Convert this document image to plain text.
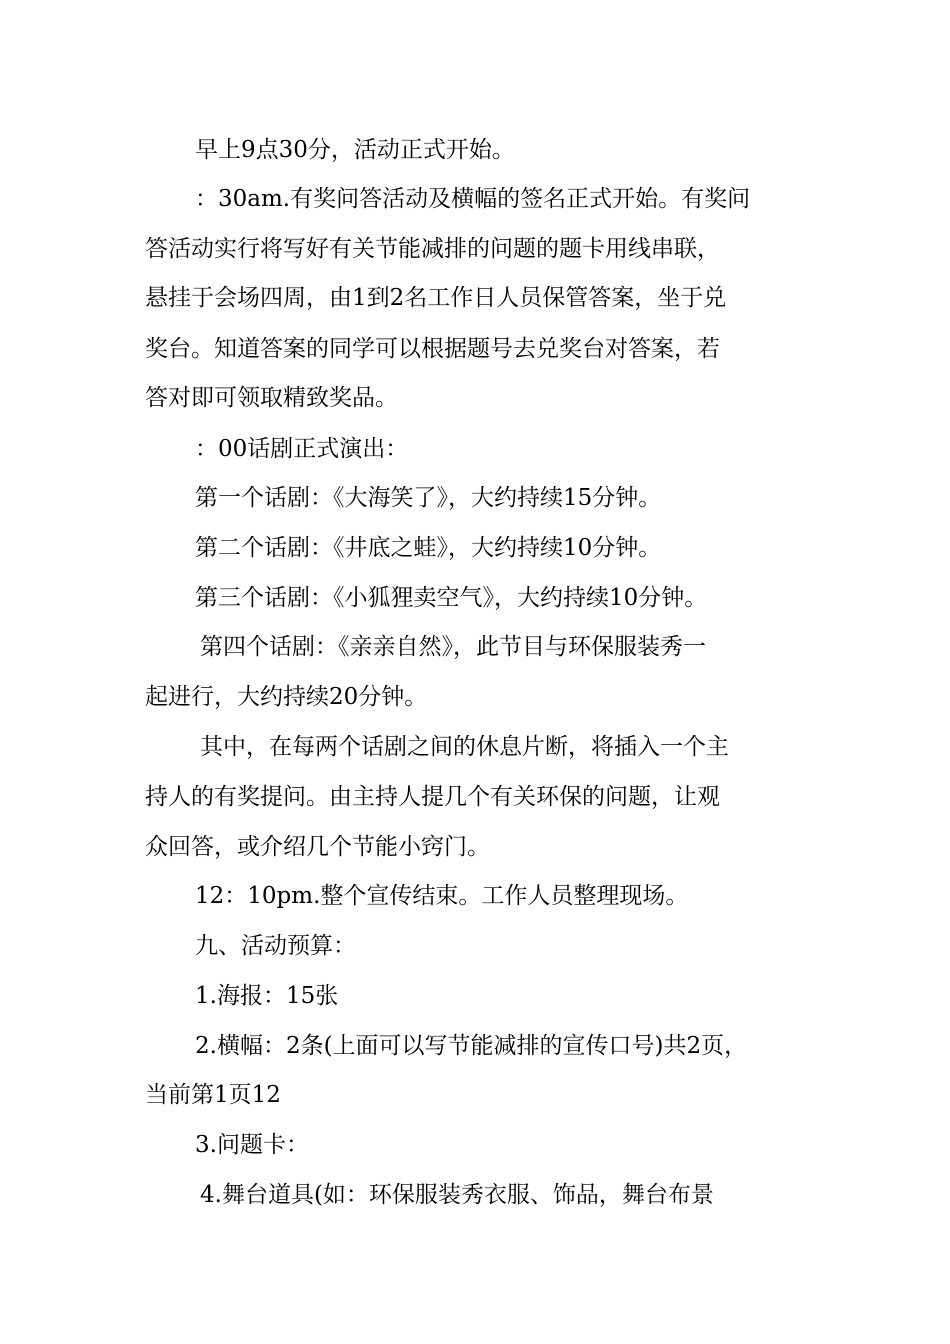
早上9点30分，活动正式开始。
：30am.有奖问答活动及横幅的签名正式开始。有奖问
答活动实行将写好有关节能减排的问题的题卡用线串联，
悬挂于会场四周，由1到2名工作日人员保管答案，坐于兑
奖台。知道答案的同学可以根据题号去兑奖台对答案，若
答对即可领取精致奖品。
：00话剧正式演出：
第一个话剧：《大海笑了》，大约持续15分钟。
第二个话剧：《井底之蛙》，大约持续10分钟。
第三个话剧：《小狐狸卖空气》，大约持续10分钟。
第四个话剧：《亲亲自然》，此节目与环保服装秀一
起进行，大约持续20分钟。
其中，在每两个话剧之间的休息片断，将插入一个主
持人的有奖提问。由主持人提几个有关环保的问题，让观
众回答，或介绍几个节能小窍门。
12：10pm.整个宣传结束。工作人员整理现场。
九、活动预算：
1.海报：15张
2.横幅：2条(上面可以写节能减排的宣传口号)共2页，
当前第1页12
3.问题卡：
4.舞台道具(如：环保服装秀衣服、饰品，舞台布景
